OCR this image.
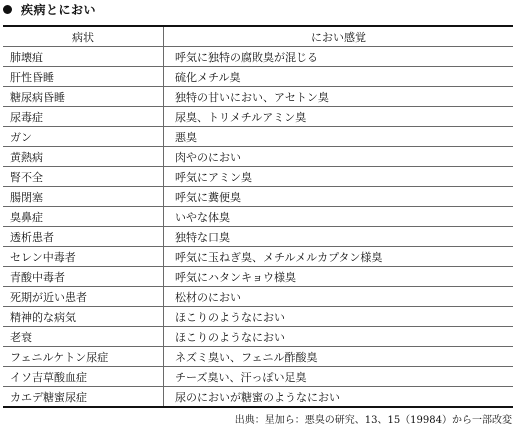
疾病とにおい
病状	におい感覚
肺壊疽	呼気に独特の腐敗臭が混じる
肝性昏睡	硫化メチル臭
糖尿病昏睡	独特の甘いにおい、アセトン臭
尿毒症	尿臭、トリメチルアミン臭
ガン	悪臭
黄熱病	肉やのにおい
腎不全	呼気にアミン臭
腸閉塞	呼気に糞便臭
臭鼻症	いやな体臭
透析患者	独特な口臭
セレン中毒者	呼気に玉ねぎ臭、メチルメルカプタン様臭
青酸中毒者	呼気にハタンキョウ様臭
死期が近い患者	松材のにおい
精神的な病気	ほこりのようなにおい
老衰	ほこりのようなにおい
フェニルケトン尿症	ネズミ臭い、フェニル酢酸臭
イソ吉草酸血症	チーズ臭い、汗っぽい足臭
カエデ糖蜜尿症	尿のにおいが糖蜜のようなにおい
出典：星加ら：悪臭の研究、13、15（19984）から一部改変
